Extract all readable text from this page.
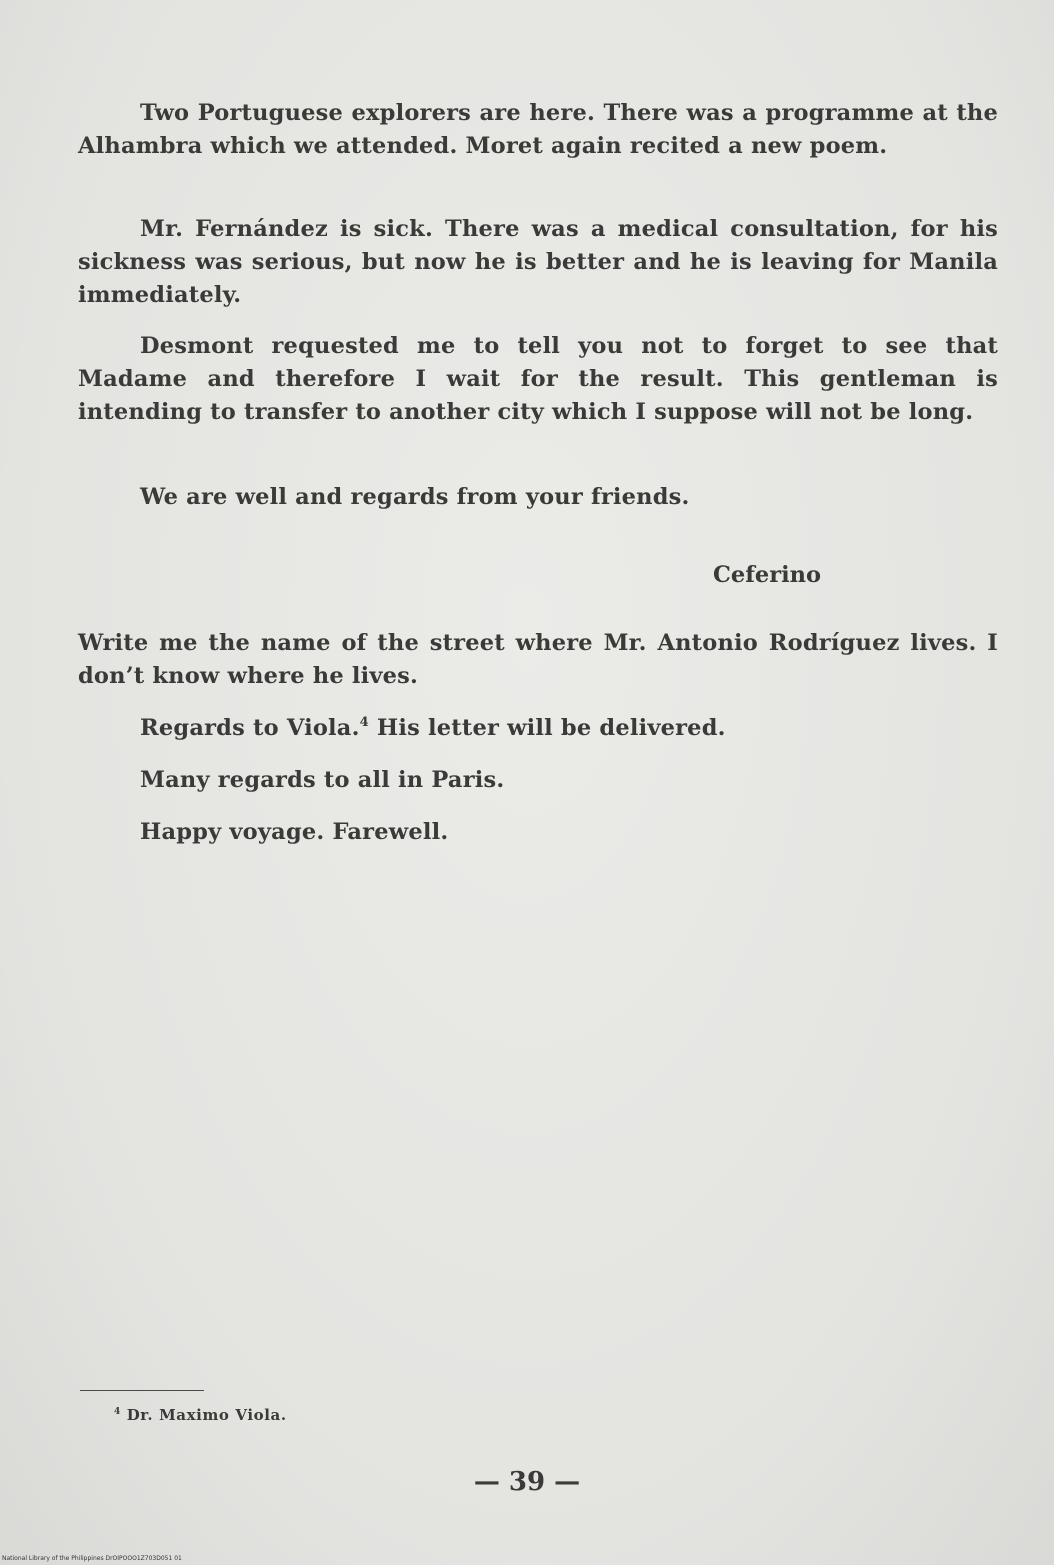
Two Portuguese explorers are here. There was a programme at the Alhambra which we attended. Moret again recited a new poem.

Mr. Fernández is sick. There was a medical consultation, for his sickness was serious, but now he is better and he is leaving for Manila immediately.

Desmont requested me to tell you not to forget to see that Madame and therefore I wait for the result. This gentleman is intending to transfer to another city which I suppose will not be long.

We are well and regards from your friends.

Ceferino

Write me the name of the street where Mr. Antonio Rodríguez lives. I don’t know where he lives.

Regards to Viola.$^4$ His letter will be delivered.

Many regards to all in Paris.

Happy voyage. Farewell.

$^4$ Dr. Maximo Viola.
— 39 —
National Library of the Philippines DrOIPOOO1Z703D051 01
